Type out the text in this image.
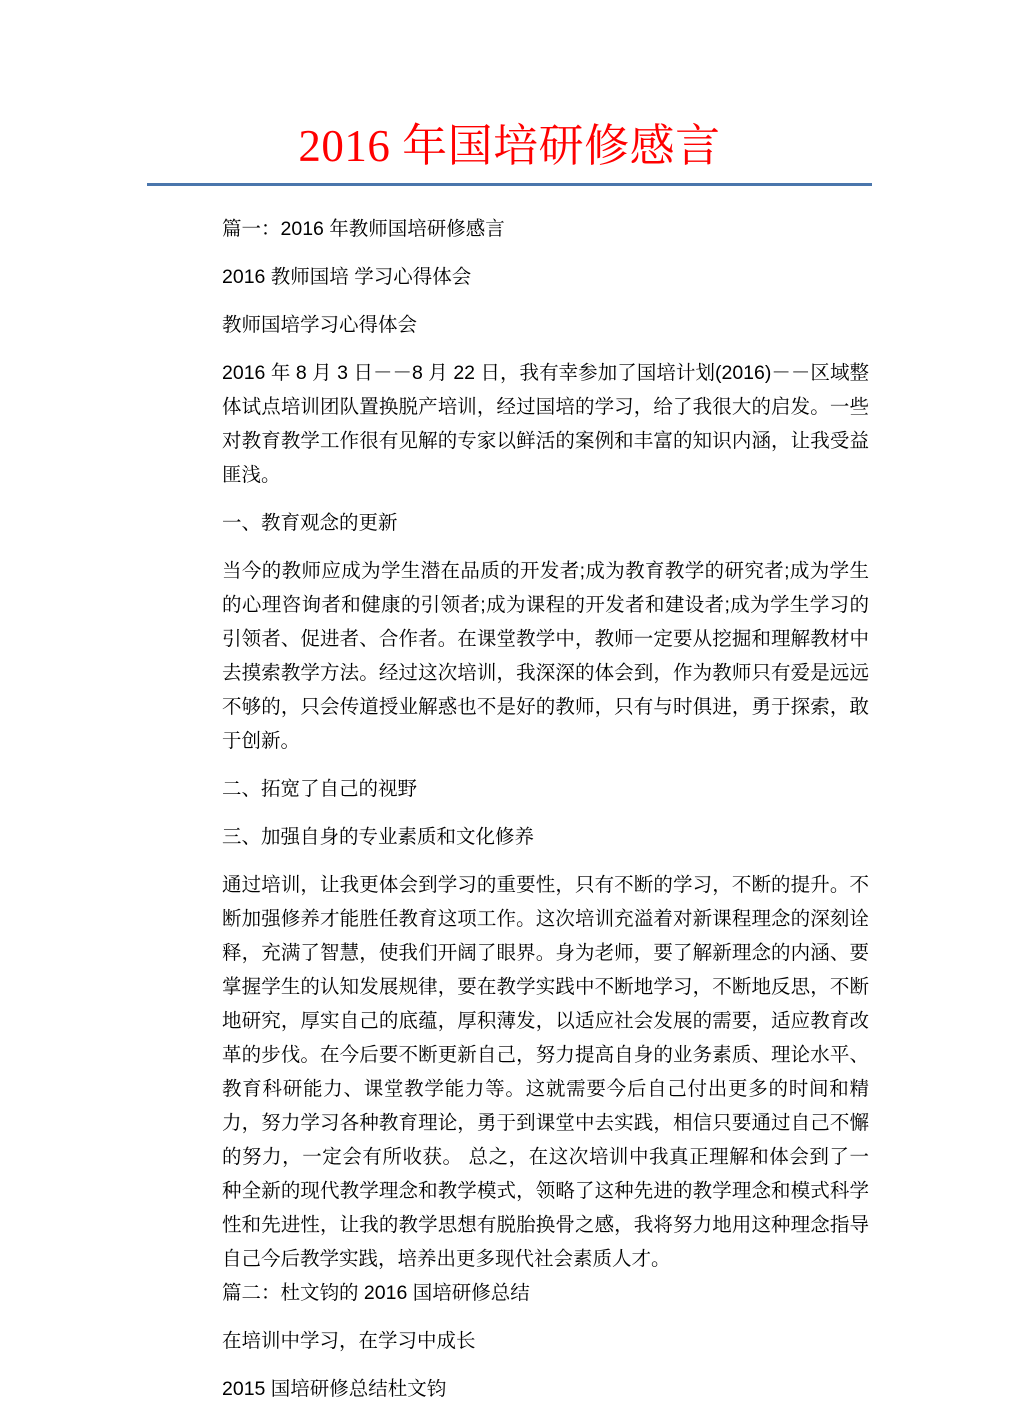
2016 年国培研修感言

篇一：2016 年教师国培研修感言

2016 教师国培 学习心得体会

教师国培学习心得体会

2016 年 8 月 3 日－－8 月 22 日，我有幸参加了国培计划(2016)－－区域整体试点培训团队置换脱产培训，经过国培的学习，给了我很大的启发。一些对教育教学工作很有见解的专家以鲜活的案例和丰富的知识内涵，让我受益匪浅。

一、教育观念的更新

当今的教师应成为学生潜在品质的开发者;成为教育教学的研究者;成为学生的心理咨询者和健康的引领者;成为课程的开发者和建设者;成为学生学习的引领者、促进者、合作者。在课堂教学中，教师一定要从挖掘和理解教材中去摸索教学方法。经过这次培训，我深深的体会到，作为教师只有爱是远远不够的，只会传道授业解惑也不是好的教师，只有与时俱进，勇于探索，敢于创新。

二、拓宽了自己的视野

三、加强自身的专业素质和文化修养

通过培训，让我更体会到学习的重要性，只有不断的学习，不断的提升。不断加强修养才能胜任教育这项工作。这次培训充溢着对新课程理念的深刻诠释，充满了智慧，使我们开阔了眼界。身为老师，要了解新理念的内涵、要掌握学生的认知发展规律，要在教学实践中不断地学习，不断地反思，不断地研究，厚实自己的底蕴，厚积薄发，以适应社会发展的需要，适应教育改革的步伐。在今后要不断更新自己，努力提高自身的业务素质、理论水平、教育科研能力、课堂教学能力等。这就需要今后自己付出更多的时间和精力，努力学习各种教育理论，勇于到课堂中去实践，相信只要通过自己不懈的努力，一定会有所收获。 总之，在这次培训中我真正理解和体会到了一种全新的现代教学理念和教学模式，领略了这种先进的教学理念和模式科学性和先进性，让我的教学思想有脱胎换骨之感，我将努力地用这种理念指导自己今后教学实践，培养出更多现代社会素质人才。

篇二：杜文钧的 2016 国培研修总结

在培训中学习，在学习中成长

2015 国培研修总结杜文钧
